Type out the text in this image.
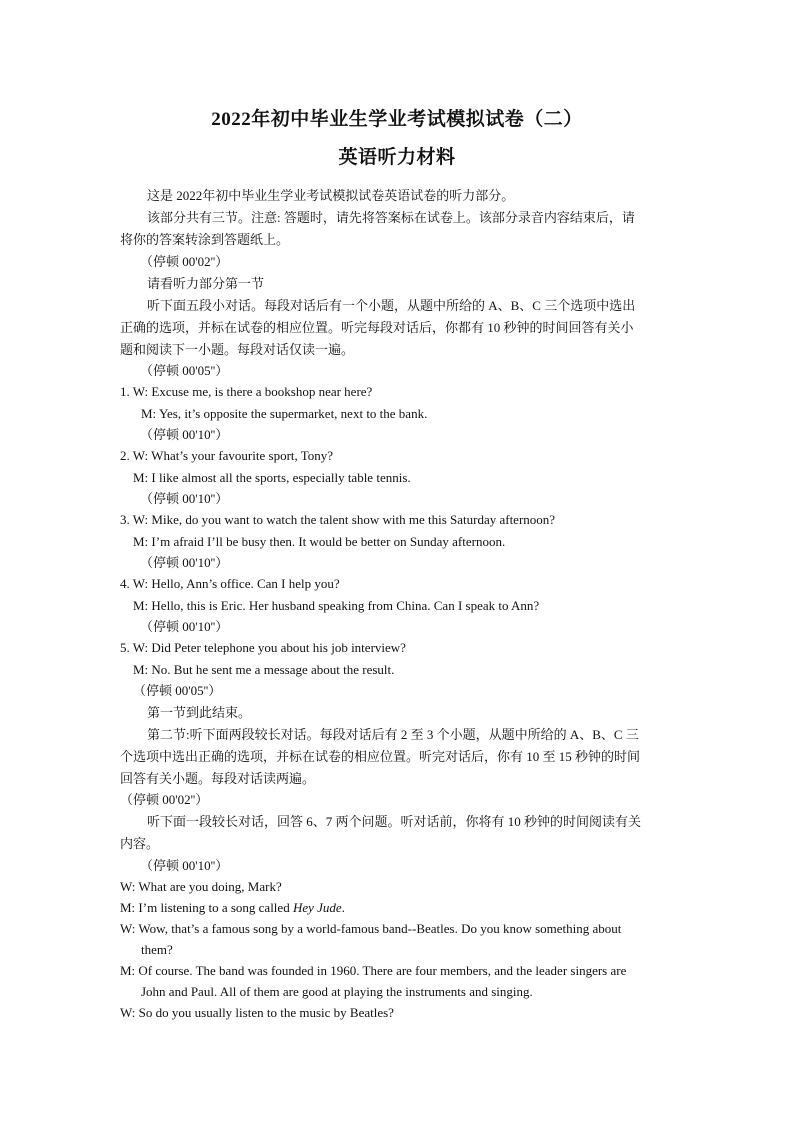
2022年初中毕业生学业考试模拟试卷（二）
英语听力材料
这是 2022年初中毕业生学业考试模拟试卷英语试卷的听力部分。
该部分共有三节。注意: 答题时，请先将答案标在试卷上。该部分录音内容结束后，请
将你的答案转涂到答题纸上。
（停顿 00'02''）
请看听力部分第一节
听下面五段小对话。每段对话后有一个小题，从题中所给的 A、B、C 三个选项中选出
正确的选项，并标在试卷的相应位置。听完每段对话后，你都有 10 秒钟的时间回答有关小
题和阅读下一小题。每段对话仅读一遍。
（停顿 00'05''）
1. W: Excuse me, is there a bookshop near here?
M: Yes, it’s opposite the supermarket, next to the bank.
（停顿 00'10''）
2. W: What’s your favourite sport, Tony?
M: I like almost all the sports, especially table tennis.
（停顿 00'10''）
3. W: Mike, do you want to watch the talent show with me this Saturday afternoon?
M: I’m afraid I’ll be busy then. It would be better on Sunday afternoon.
（停顿 00'10''）
4. W: Hello, Ann’s office. Can I help you?
M: Hello, this is Eric. Her husband speaking from China. Can I speak to Ann?
（停顿 00'10''）
5. W: Did Peter telephone you about his job interview?
M: No. But he sent me a message about the result.
（停顿 00'05''）
第一节到此结束。
第二节:听下面两段较长对话。每段对话后有 2 至 3 个小题，从题中所给的 A、B、C 三
个选项中选出正确的选项，并标在试卷的相应位置。听完对话后，你有 10 至 15 秒钟的时间
回答有关小题。每段对话读两遍。
（停顿 00'02''）
听下面一段较长对话，回答 6、7 两个问题。听对话前，你将有 10 秒钟的时间阅读有关
内容。
（停顿 00'10''）
W: What are you doing, Mark?
M: I’m listening to a song called Hey Jude.
W: Wow, that’s a famous song by a world-famous band--Beatles. Do you know something about
them?
M: Of course. The band was founded in 1960. There are four members, and the leader singers are
John and Paul. All of them are good at playing the instruments and singing.
W: So do you usually listen to the music by Beatles?
